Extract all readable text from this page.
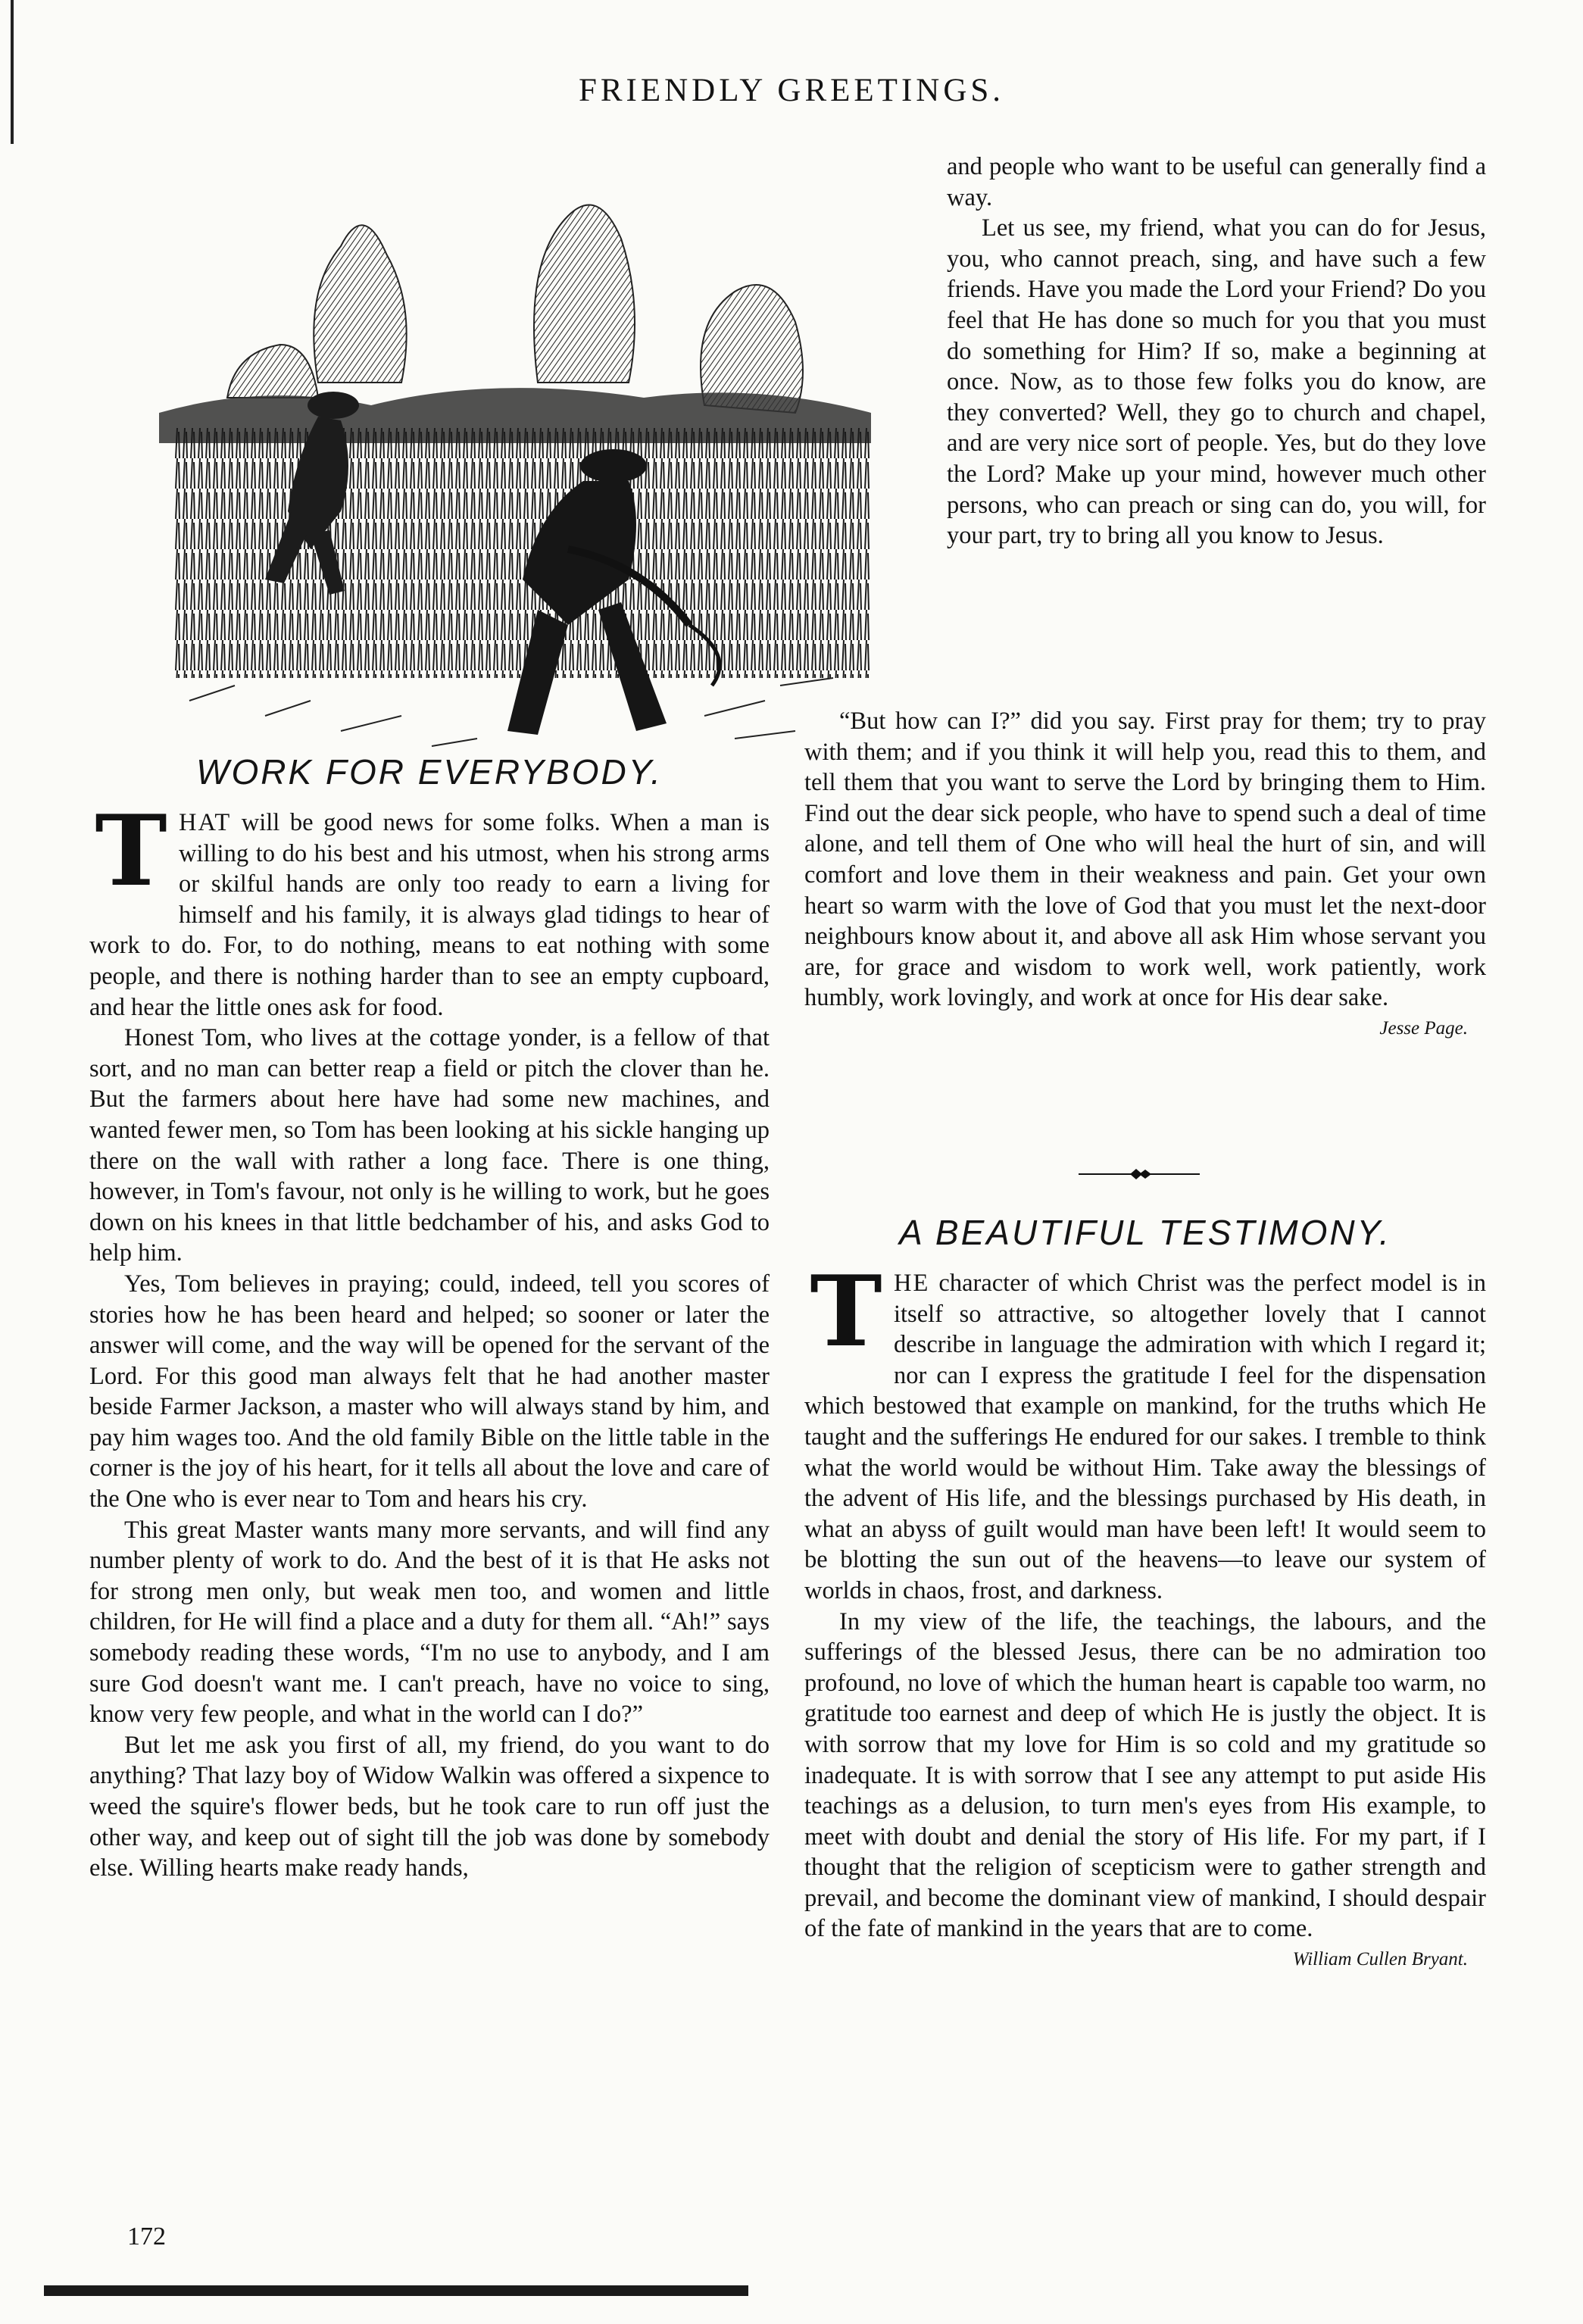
FRIENDLY GREETINGS.
WORK FOR EVERYBODY.

THAT will be good news for some folks. When a man is willing to do his best and his utmost, when his strong arms or skilful hands are only too ready to earn a living for himself and his family, it is always glad tidings to hear of work to do. For, to do nothing, means to eat nothing with some people, and there is nothing harder than to see an empty cupboard, and hear the little ones ask for food.

Honest Tom, who lives at the cottage yonder, is a fellow of that sort, and no man can better reap a field or pitch the clover than he. But the farmers about here have had some new machines, and wanted fewer men, so Tom has been looking at his sickle hanging up there on the wall with rather a long face. There is one thing, however, in Tom's favour, not only is he willing to work, but he goes down on his knees in that little bedchamber of his, and asks God to help him.

Yes, Tom believes in praying; could, indeed, tell you scores of stories how he has been heard and helped; so sooner or later the answer will come, and the way will be opened for the servant of the Lord. For this good man always felt that he had another master beside Farmer Jackson, a master who will always stand by him, and pay him wages too. And the old family Bible on the little table in the corner is the joy of his heart, for it tells all about the love and care of the One who is ever near to Tom and hears his cry.

This great Master wants many more servants, and will find any number plenty of work to do. And the best of it is that He asks not for strong men only, but weak men too, and women and little children, for He will find a place and a duty for them all. “Ah!” says somebody reading these words, “I'm no use to anybody, and I am sure God doesn't want me. I can't preach, have no voice to sing, know very few people, and what in the world can I do?”

But let me ask you first of all, my friend, do you want to do anything? That lazy boy of Widow Walkin was offered a sixpence to weed the squire's flower beds, but he took care to run off just the other way, and keep out of sight till the job was done by somebody else. Willing hearts make ready hands,

and people who want to be useful can generally find a way.

Let us see, my friend, what you can do for Jesus, you, who cannot preach, sing, and have such a few friends. Have you made the Lord your Friend? Do you feel that He has done so much for you that you must do something for Him? If so, make a beginning at once. Now, as to those few folks you do know, are they converted? Well, they go to church and chapel, and are very nice sort of people. Yes, but do they love the Lord? Make up your mind, however much other persons, who can preach or sing can do, you will, for your part, try to bring all you know to Jesus.

“But how can I?” did you say. First pray for them; try to pray with them; and if you think it will help you, read this to them, and tell them that you want to serve the Lord by bringing them to Him. Find out the dear sick people, who have to spend such a deal of time alone, and tell them of One who will heal the hurt of sin, and will comfort and love them in their weakness and pain. Get your own heart so warm with the love of God that you must let the next-door neighbours know about it, and above all ask Him whose servant you are, for grace and wisdom to work well, work patiently, work humbly, work lovingly, and work at once for His dear sake.

Jesse Page.

A BEAUTIFUL TESTIMONY.

THE character of which Christ was the perfect model is in itself so attractive, so altogether lovely that I cannot describe in language the admiration with which I regard it; nor can I express the gratitude I feel for the dispensation which bestowed that example on mankind, for the truths which He taught and the sufferings He endured for our sakes. I tremble to think what the world would be without Him. Take away the blessings of the advent of His life, and the blessings purchased by His death, in what an abyss of guilt would man have been left! It would seem to be blotting the sun out of the heavens—to leave our system of worlds in chaos, frost, and darkness.

In my view of the life, the teachings, the labours, and the sufferings of the blessed Jesus, there can be no admiration too profound, no love of which the human heart is capable too warm, no gratitude too earnest and deep of which He is justly the object. It is with sorrow that my love for Him is so cold and my gratitude so inadequate. It is with sorrow that I see any attempt to put aside His teachings as a delusion, to turn men's eyes from His example, to meet with doubt and denial the story of His life. For my part, if I thought that the religion of scepticism were to gather strength and prevail, and become the dominant view of mankind, I should despair of the fate of mankind in the years that are to come.

William Cullen Bryant.

172
